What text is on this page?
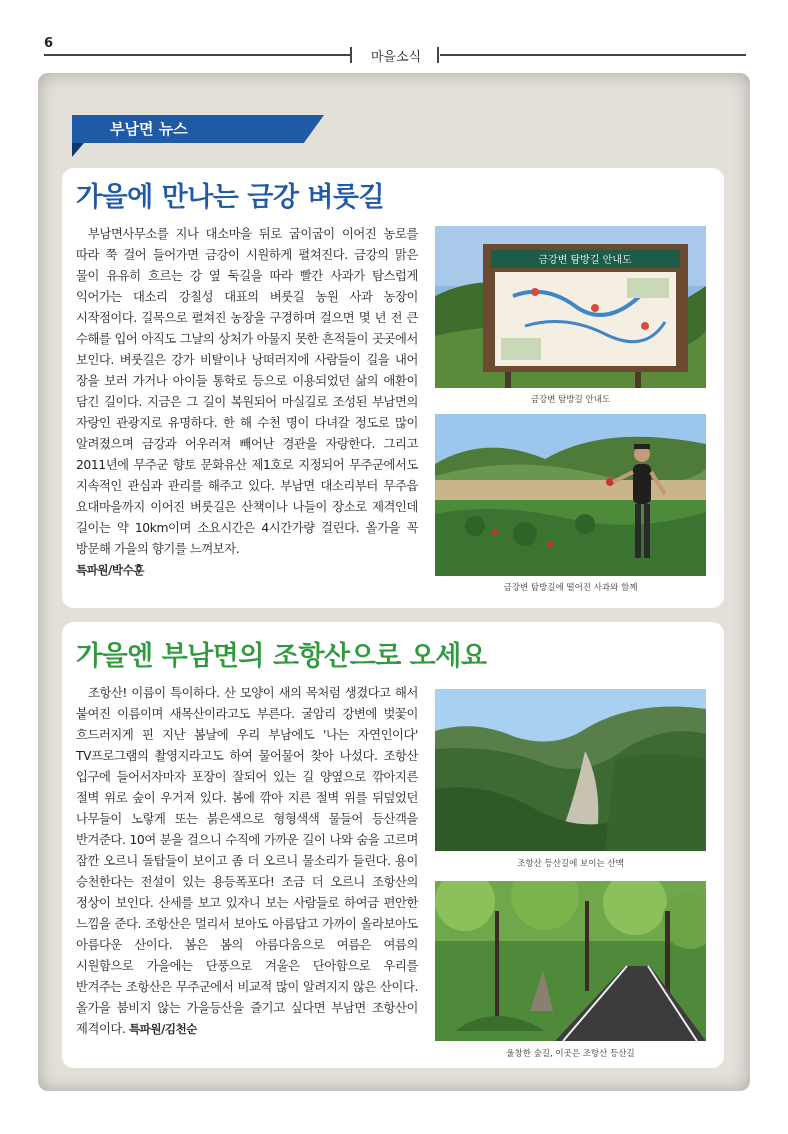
6
마을소식
부남면 뉴스
가을에 만나는 금강 벼룻길

부남면사무소를 지나 대소마을 뒤로 굽이굽이 이어진 농로를 따라 쭉 걸어 들어가면 금강이 시원하게 펼쳐진다. 금강의 맑은 물이 유유히 흐르는 강 옆 둑길을 따라 빨간 사과가 탐스럽게 익어가는 대소리 강칠성 대표의 벼룻길 농원 사과 농장이 시작점이다. 길목으로 펼쳐진 농장을 구경하며 걸으면 몇 년 전 큰 수해를 입어 아직도 그날의 상처가 아물지 못한 흔적들이 곳곳에서 보인다. 벼룻길은 강가 비탈이나 낭떠러지에 사람들이 길을 내어 장을 보러 가거나 아이들 통학로 등으로 이용되었던 삶의 애환이 담긴 길이다. 지금은 그 길이 복원되어 마실길로 조성된 부남면의 자랑인 관광지로 유명하다. 한 해 수천 명이 다녀갈 정도로 많이 알려졌으며 금강과 어우러져 빼어난 경관을 자랑한다. 그리고 2011년에 무주군 향토 문화유산 제1호로 지정되어 무주군에서도 지속적인 관심과 관리를 해주고 있다. 부남면 대소리부터 무주읍 요대마을까지 이어진 벼룻길은 산책이나 나들이 장소로 제격인데 길이는 약 10km이며 소요시간은 4시간가량 걸린다. 올가을 꼭 방문해 가을의 향기를 느껴보자.
특파원/박수훈

금강변 탐방길 안내도
금강변 탐방길 안내도
금강변 탐방길에 떨어진 사과와 함께
가을엔 부남면의 조항산으로 오세요

조항산! 이름이 특이하다. 산 모양이 새의 목처럼 생겼다고 해서 붙여진 이름이며 새목산이라고도 부른다. 굴암리 강변에 벚꽃이 흐드러지게 핀 지난 봄날에 우리 부남에도 '나는 자연인이다' TV프로그램의 촬영지라고도 하여 물어물어 찾아 나섰다. 조항산 입구에 들어서자마자 포장이 잘되어 있는 길 양옆으로 깎아지른 절벽 위로 숲이 우거져 있다. 봄에 깎아 지른 절벽 위를 뒤덮었던 나무들이 노랗게 또는 붉은색으로 형형색색 물들어 등산객을 반겨준다. 10여 분을 걸으니 수직에 가까운 길이 나와 숨을 고르며 잠깐 오르니 돌탑들이 보이고 좀 더 오르니 물소리가 들린다. 용이 승천한다는 전설이 있는 용등폭포다! 조금 더 오르니 조항산의 정상이 보인다. 산세를 보고 있자니 보는 사람들로 하여금 편안한 느낌을 준다. 조항산은 멀리서 보아도 아름답고 가까이 올라보아도 아름다운 산이다. 봄은 봄의 아름다움으로 여름은 여름의 시원함으로 가을에는 단풍으로 겨울은 단아함으로 우리를 반겨주는 조항산은 무주군에서 비교적 많이 알려지지 않은 산이다. 올가을 붐비지 않는 가을등산을 즐기고 싶다면 부남면 조항산이 제격이다. 특파원/김천순

조항산 등산길에 보이는 산맥
울창한 숲길, 이곳은 조항산 등산길
